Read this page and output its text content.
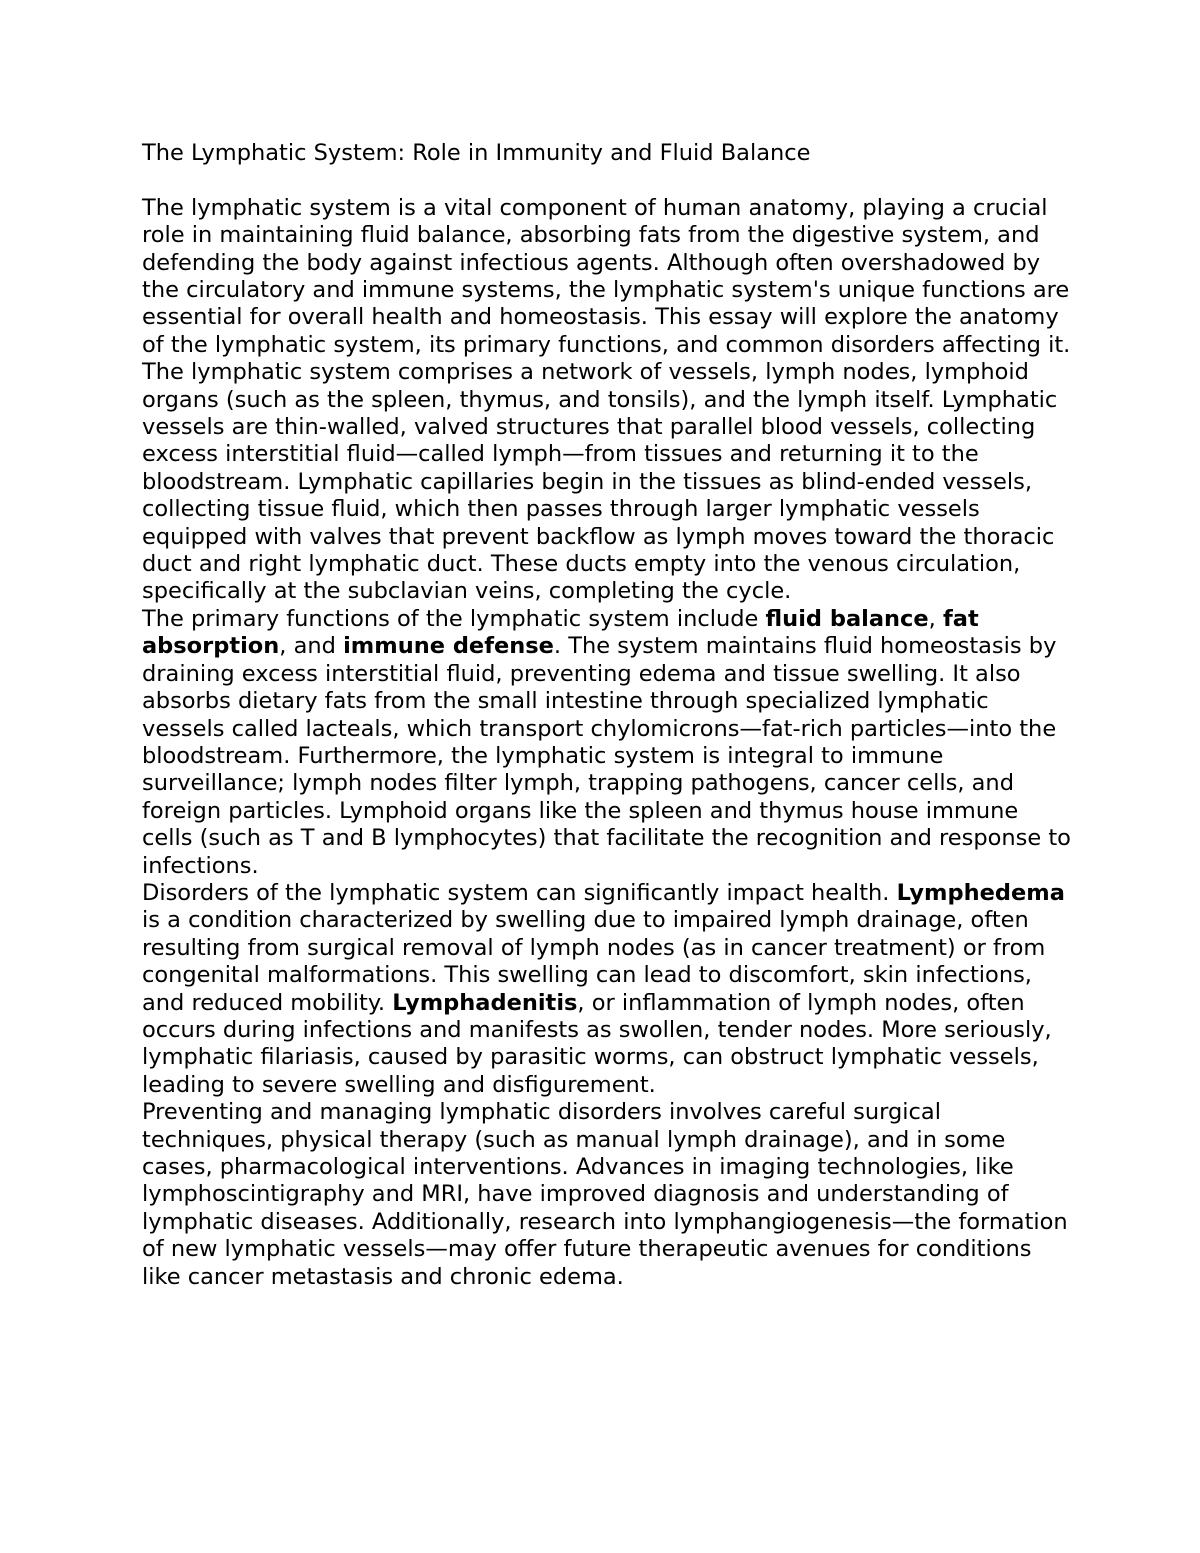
The Lymphatic System: Role in Immunity and Fluid Balance

The lymphatic system is a vital component of human anatomy, playing a crucial role in maintaining fluid balance, absorbing fats from the digestive system, and defending the body against infectious agents. Although often overshadowed by the circulatory and immune systems, the lymphatic system's unique functions are essential for overall health and homeostasis. This essay will explore the anatomy of the lymphatic system, its primary functions, and common disorders affecting it.

The lymphatic system comprises a network of vessels, lymph nodes, lymphoid organs (such as the spleen, thymus, and tonsils), and the lymph itself. Lymphatic vessels are thin-walled, valved structures that parallel blood vessels, collecting excess interstitial fluid—called lymph—from tissues and returning it to the bloodstream. Lymphatic capillaries begin in the tissues as blind-ended vessels, collecting tissue fluid, which then passes through larger lymphatic vessels equipped with valves that prevent backflow as lymph moves toward the thoracic duct and right lymphatic duct. These ducts empty into the venous circulation, specifically at the subclavian veins, completing the cycle.

The primary functions of the lymphatic system include fluid balance, fat absorption, and immune defense. The system maintains fluid homeostasis by draining excess interstitial fluid, preventing edema and tissue swelling. It also absorbs dietary fats from the small intestine through specialized lymphatic vessels called lacteals, which transport chylomicrons—fat-rich particles—into the bloodstream. Furthermore, the lymphatic system is integral to immune surveillance; lymph nodes filter lymph, trapping pathogens, cancer cells, and foreign particles. Lymphoid organs like the spleen and thymus house immune cells (such as T and B lymphocytes) that facilitate the recognition and response to infections.

Disorders of the lymphatic system can significantly impact health. Lymphedema is a condition characterized by swelling due to impaired lymph drainage, often resulting from surgical removal of lymph nodes (as in cancer treatment) or from congenital malformations. This swelling can lead to discomfort, skin infections, and reduced mobility. Lymphadenitis, or inflammation of lymph nodes, often occurs during infections and manifests as swollen, tender nodes. More seriously, lymphatic filariasis, caused by parasitic worms, can obstruct lymphatic vessels, leading to severe swelling and disfigurement.

Preventing and managing lymphatic disorders involves careful surgical techniques, physical therapy (such as manual lymph drainage), and in some cases, pharmacological interventions. Advances in imaging technologies, like lymphoscintigraphy and MRI, have improved diagnosis and understanding of lymphatic diseases. Additionally, research into lymphangiogenesis—the formation of new lymphatic vessels—may offer future therapeutic avenues for conditions like cancer metastasis and chronic edema.
